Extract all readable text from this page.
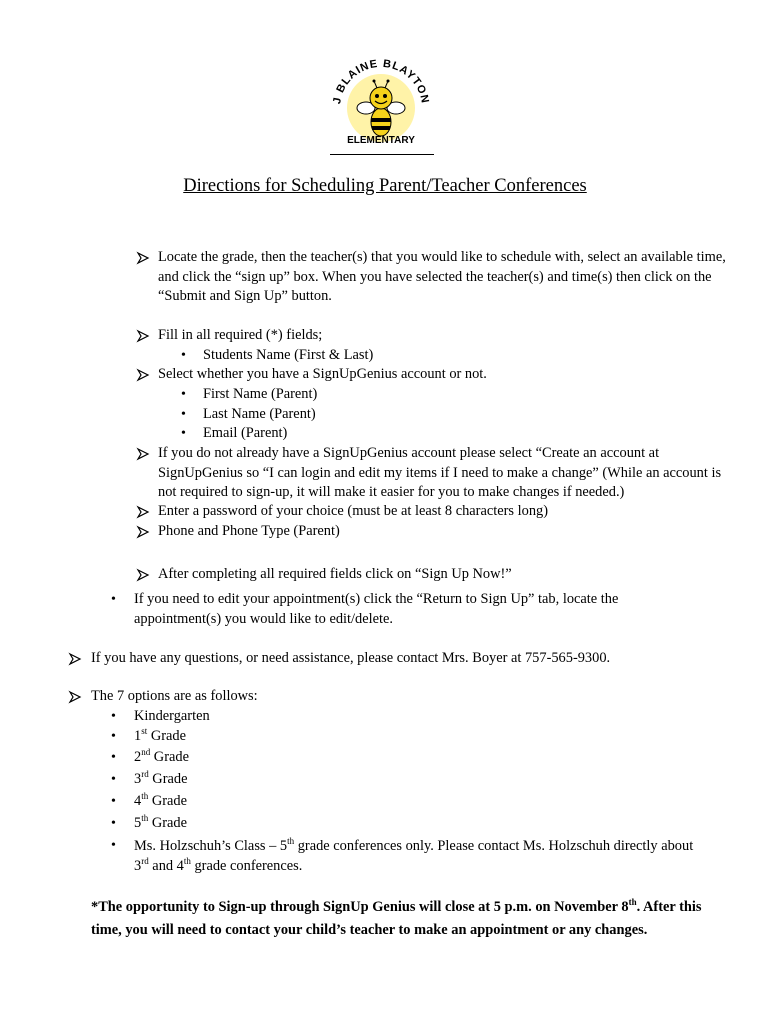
J BLAINE BLAYTON
ELEMENTARY
Directions for Scheduling Parent/Teacher Conferences
Locate the grade, then the teacher(s) that you would like to schedule with, select an available time, and click the “sign up” box. When you have selected the teacher(s) and time(s) then click on the “Submit and Sign Up” button.
Fill in all required (*) fields;
• Students Name (First & Last)
Select whether you have a SignUpGenius account or not.
• First Name (Parent)
• Last Name (Parent)
• Email (Parent)
If you do not already have a SignUpGenius account please select “Create an account at SignUpGenius so “I can login and edit my items if I need to make a change” (While an account is not required to sign-up, it will make it easier for you to make changes if needed.)
Enter a password of your choice (must be at least 8 characters long)
Phone and Phone Type (Parent)
After completing all required fields click on “Sign Up Now!”
• If you need to edit your appointment(s) click the “Return to Sign Up” tab, locate the appointment(s) you would like to edit/delete.
If you have any questions, or need assistance, please contact Mrs. Boyer at 757-565-9300.
The 7 options are as follows:
• Kindergarten
• 1st Grade
• 2nd Grade
• 3rd Grade
• 4th Grade
• 5th Grade
• Ms. Holzschuh’s Class – 5th grade conferences only. Please contact Ms. Holzschuh directly about 3rd and 4th grade conferences.
*The opportunity to Sign-up through SignUp Genius will close at 5 p.m. on November 8th. After this time, you will need to contact your child’s teacher to make an appointment or any changes.
